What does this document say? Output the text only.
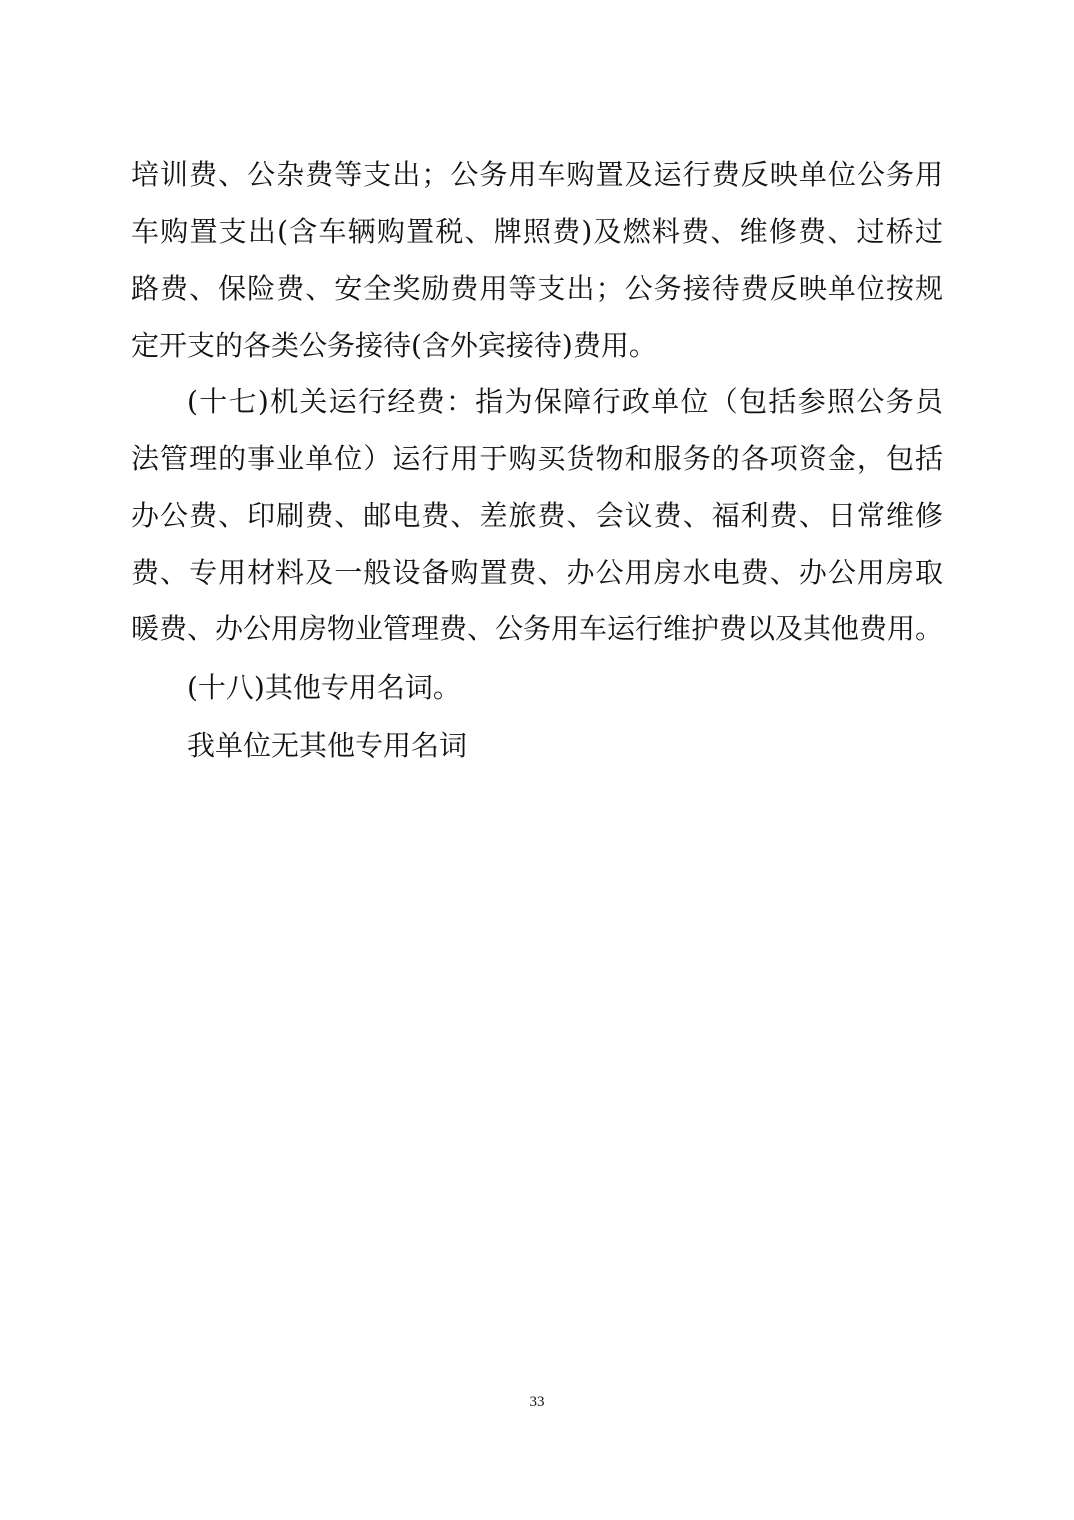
培训费、公杂费等支出；公务用车购置及运行费反映单位公务用
车购置支出(含车辆购置税、牌照费)及燃料费、维修费、过桥过
路费、保险费、安全奖励费用等支出；公务接待费反映单位按规
定开支的各类公务接待(含外宾接待)费用。
(十七)机关运行经费：指为保障行政单位（包括参照公务员
法管理的事业单位）运行用于购买货物和服务的各项资金，包括
办公费、印刷费、邮电费、差旅费、会议费、福利费、日常维修
费、专用材料及一般设备购置费、办公用房水电费、办公用房取
暖费、办公用房物业管理费、公务用车运行维护费以及其他费用。
(十八)其他专用名词。
我单位无其他专用名词
33
